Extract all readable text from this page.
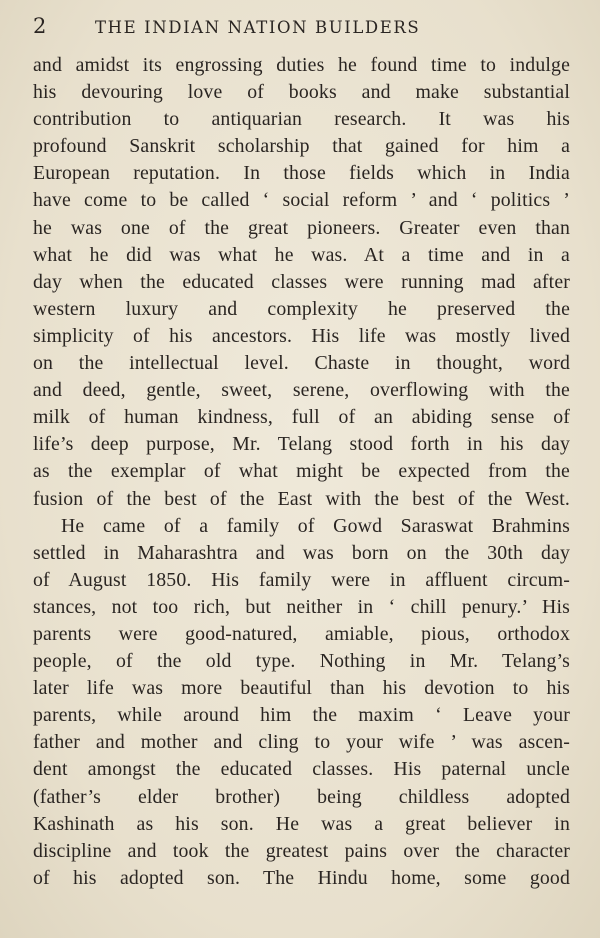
2	THE INDIAN NATION BUILDERS
and amidst its engrossing duties he found time to indulge
his devouring love of books and make substantial
contribution to antiquarian research. It was his
profound Sanskrit scholarship that gained for him a
European reputation. In those fields which in India
have come to be called ‘ social reform ’ and ‘ politics ’
he was one of the great pioneers. Greater even than
what he did was what he was. At a time and in a
day when the educated classes were running mad after
western luxury and complexity he preserved the
simplicity of his ancestors. His life was mostly lived
on the intellectual level. Chaste in thought, word
and deed, gentle, sweet, serene, overflowing with the
milk of human kindness, full of an abiding sense of
life’s deep purpose, Mr. Telang stood forth in his day
as the exemplar of what might be expected from the
fusion of the best of the East with the best of the West.
He came of a family of Gowd Saraswat Brahmins
settled in Maharashtra and was born on the 30th day
of August 1850. His family were in affluent circum-
stances, not too rich, but neither in ‘ chill penury.’ His
parents were good-natured, amiable, pious, orthodox
people, of the old type. Nothing in Mr. Telang’s
later life was more beautiful than his devotion to his
parents, while around him the maxim ‘ Leave your
father and mother and cling to your wife ’ was ascen-
dent amongst the educated classes. His paternal uncle
(father’s elder brother) being childless adopted
Kashinath as his son. He was a great believer in
discipline and took the greatest pains over the character
of his adopted son. The Hindu home, some good
